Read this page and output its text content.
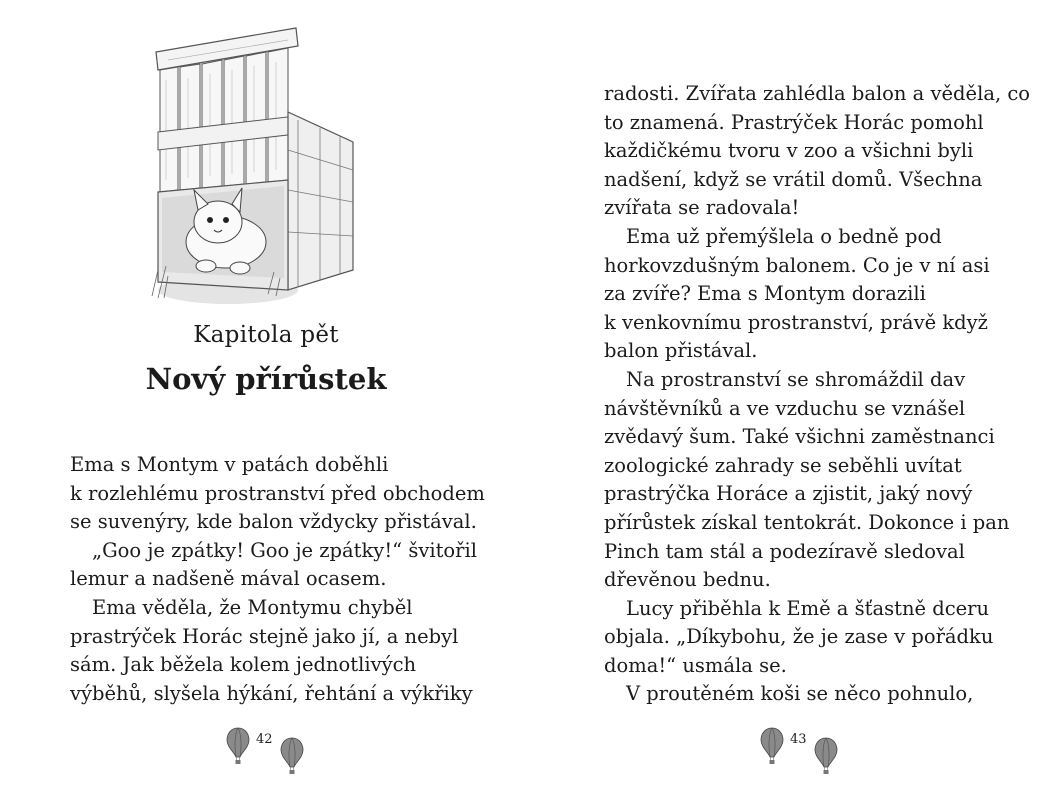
Kapitola pět
Nový přírůstek
Ema s Montym v patách doběhli
k rozlehlému prostranství před obchodem
se suvenýry, kde balon vždycky přistával.
„Goo je zpátky! Goo je zpátky!“ švitořil
lemur a nadšeně mával ocasem.
Ema věděla, že Montymu chyběl
prastrýček Horác stejně jako jí, a nebyl
sám. Jak běžela kolem jednotlivých
výběhů, slyšela hýkání, řehtání a výkřiky
42
radosti. Zvířata zahlédla balon a věděla, co
to znamená. Prastrýček Horác pomohl
každičkému tvoru v zoo a všichni byli
nadšení, když se vrátil domů. Všechna
zvířata se radovala!
Ema už přemýšlela o bedně pod
horkovzdušným balonem. Co je v ní asi
za zvíře? Ema s Montym dorazili
k venkovnímu prostranství, právě když
balon přistával.
Na prostranství se shromáždil dav
návštěvníků a ve vzduchu se vznášel
zvědavý šum. Také všichni zaměstnanci
zoologické zahrady se seběhli uvítat
prastrýčka Horáce a zjistit, jaký nový
přírůstek získal tentokrát. Dokonce i pan
Pinch tam stál a podezíravě sledoval
dřevěnou bednu.
Lucy přiběhla k Emě a šťastně dceru
objala. „Díkybohu, že je zase v pořádku
doma!“ usmála se.
V proutěném koši se něco pohnulo,
43
